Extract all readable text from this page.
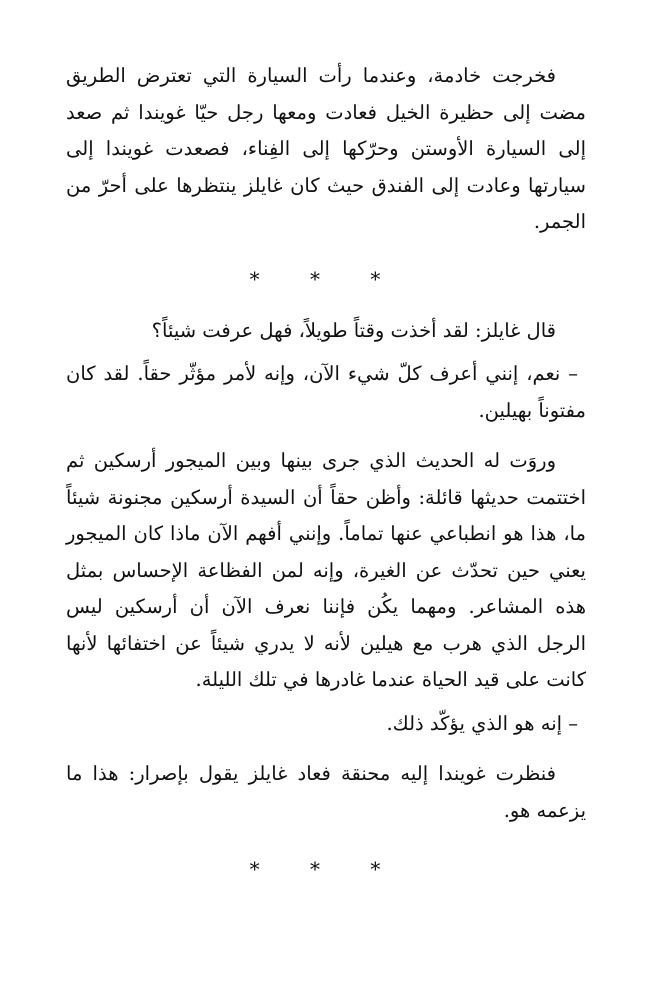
فخرجت خادمة، وعندما رأت السيارة التي تعترض الطريق مضت إلى حظيرة الخيل فعادت ومعها رجل حيّا غويندا ثم صعد إلى السيارة الأوستن وحرّكها إلى الفِناء، فصعدت غويندا إلى سيارتها وعادت إلى الفندق حيث كان غايلز ينتظرها على أحرّ من الجمر.

* * *

قال غايلز: لقد أخذت وقتاً طويلاً، فهل عرفت شيئاً؟

– نعم، إنني أعرف كلّ شيء الآن، وإنه لأمر مؤثّر حقاً. لقد كان مفتوناً بهيلين.

وروَت له الحديث الذي جرى بينها وبين الميجور أرسكين ثم اختتمت حديثها قائلة: وأظن حقاً أن السيدة أرسكين مجنونة شيئاً ما، هذا هو انطباعي عنها تماماً. وإنني أفهم الآن ماذا كان الميجور يعني حين تحدّث عن الغيرة، وإنه لمن الفظاعة الإحساس بمثل هذه المشاعر. ومهما يكُن فإننا نعرف الآن أن أرسكين ليس الرجل الذي هرب مع هيلين لأنه لا يدري شيئاً عن اختفائها لأنها كانت على قيد الحياة عندما غادرها في تلك الليلة.

– إنه هو الذي يؤكّد ذلك.

فنظرت غويندا إليه محنقة فعاد غايلز يقول بإصرار: هذا ما يزعمه هو.

* * *
